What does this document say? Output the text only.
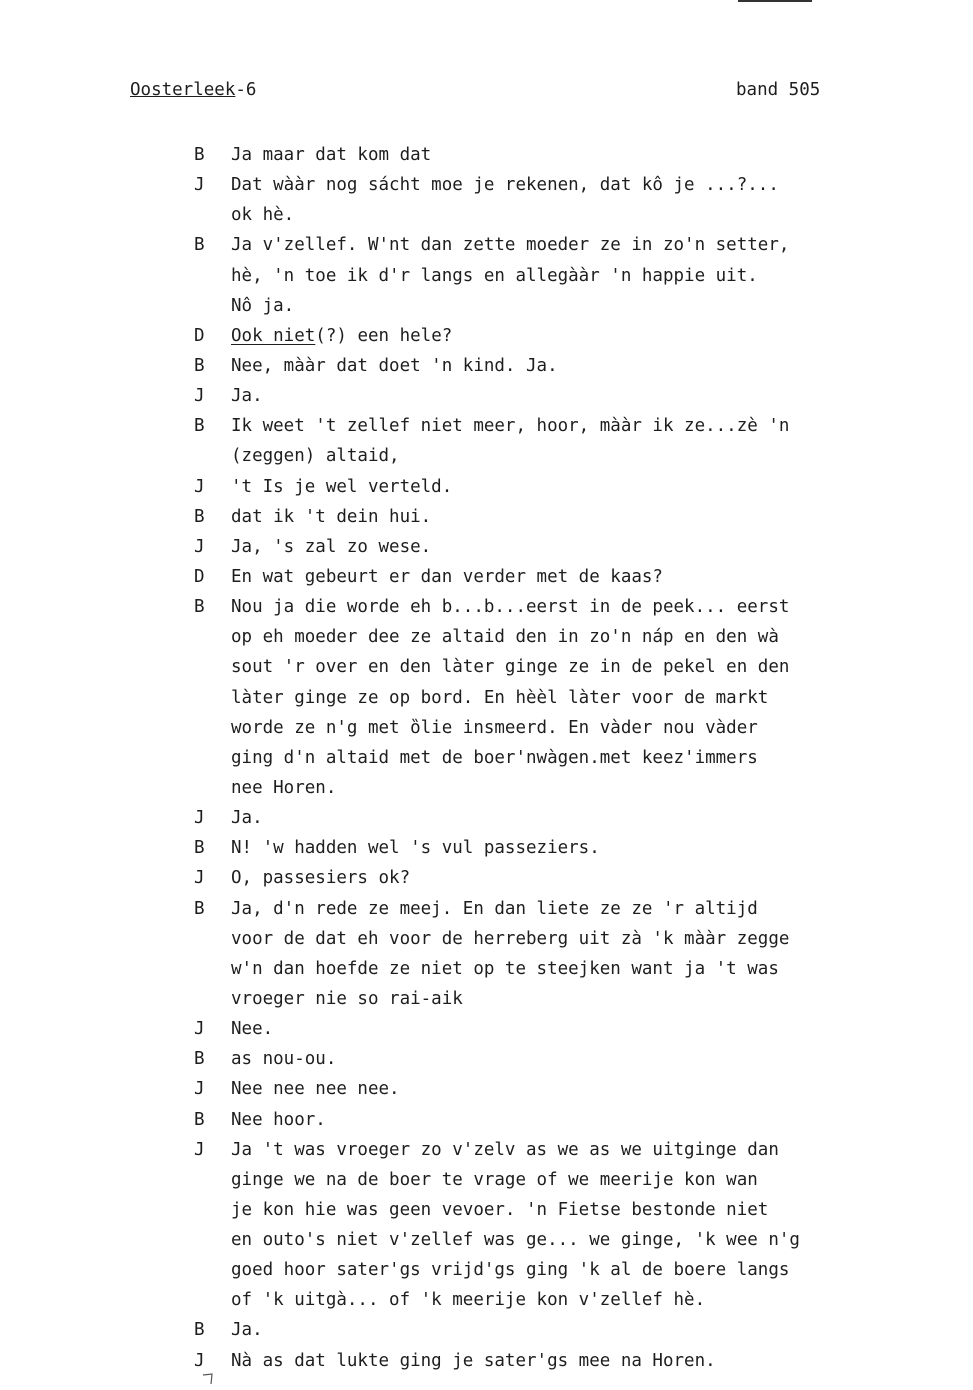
Oosterleek-6	band 505
B Ja maar dat kom dat
J Dat wààr nog sácht moe je rekenen, dat kô je ...?...
ok hè.
B Ja v'zellef. W'nt dan zette moeder ze in zo'n setter,
hè, 'n toe ik d'r langs en allegààr 'n happie uit.
Nô ja.
D Ook niet(?) een hele?
B Nee, mààr dat doet 'n kind. Ja.
J Ja.
B Ik weet 't zellef niet meer, hoor, mààr ik ze...zè 'n
(zeggen) altaid,
J 't Is je wel verteld.
B dat ik 't dein hui.
J Ja, 's zal zo wese.
D En wat gebeurt er dan verder met de kaas?
B Nou ja die worde eh b...b...eerst in de peek... eerst
op eh moeder dee ze altaid den in zo'n náp en den wà
sout 'r over en den làter ginge ze in de pekel en den
làter ginge ze op bord. En hèèl làter voor de markt
worde ze n'g met ȍlie insmeerd. En vàder nou vàder
ging d'n altaid met de boer'nwàgen.met keez'immers
nee Horen.
J Ja.
B N! 'w hadden wel 's vul passeziers.
J O, passesiers ok?
B Ja, d'n rede ze meej. En dan liete ze ze 'r altijd
voor de dat eh voor de herreberg uit zà 'k mààr zegge
w'n dan hoefde ze niet op te steejken want ja 't was
vroeger nie so rai-aik
J Nee.
B as nou-ou.
J Nee nee nee nee.
B Nee hoor.
J Ja 't was vroeger zo v'zelv as we as we uitginge dan
ginge we na de boer te vrage of we meerije kon wan
je kon hie was geen vevoer. 'n Fietse bestonde niet
en outo's niet v'zellef was ge... we ginge, 'k wee n'g
goed hoor sater'gs vrijd'gs ging 'k al de boere langs
of 'k uitgà... of 'k meerije kon v'zellef hè.
B Ja.
J Nà as dat lukte ging je sater'gs mee na Horen.
